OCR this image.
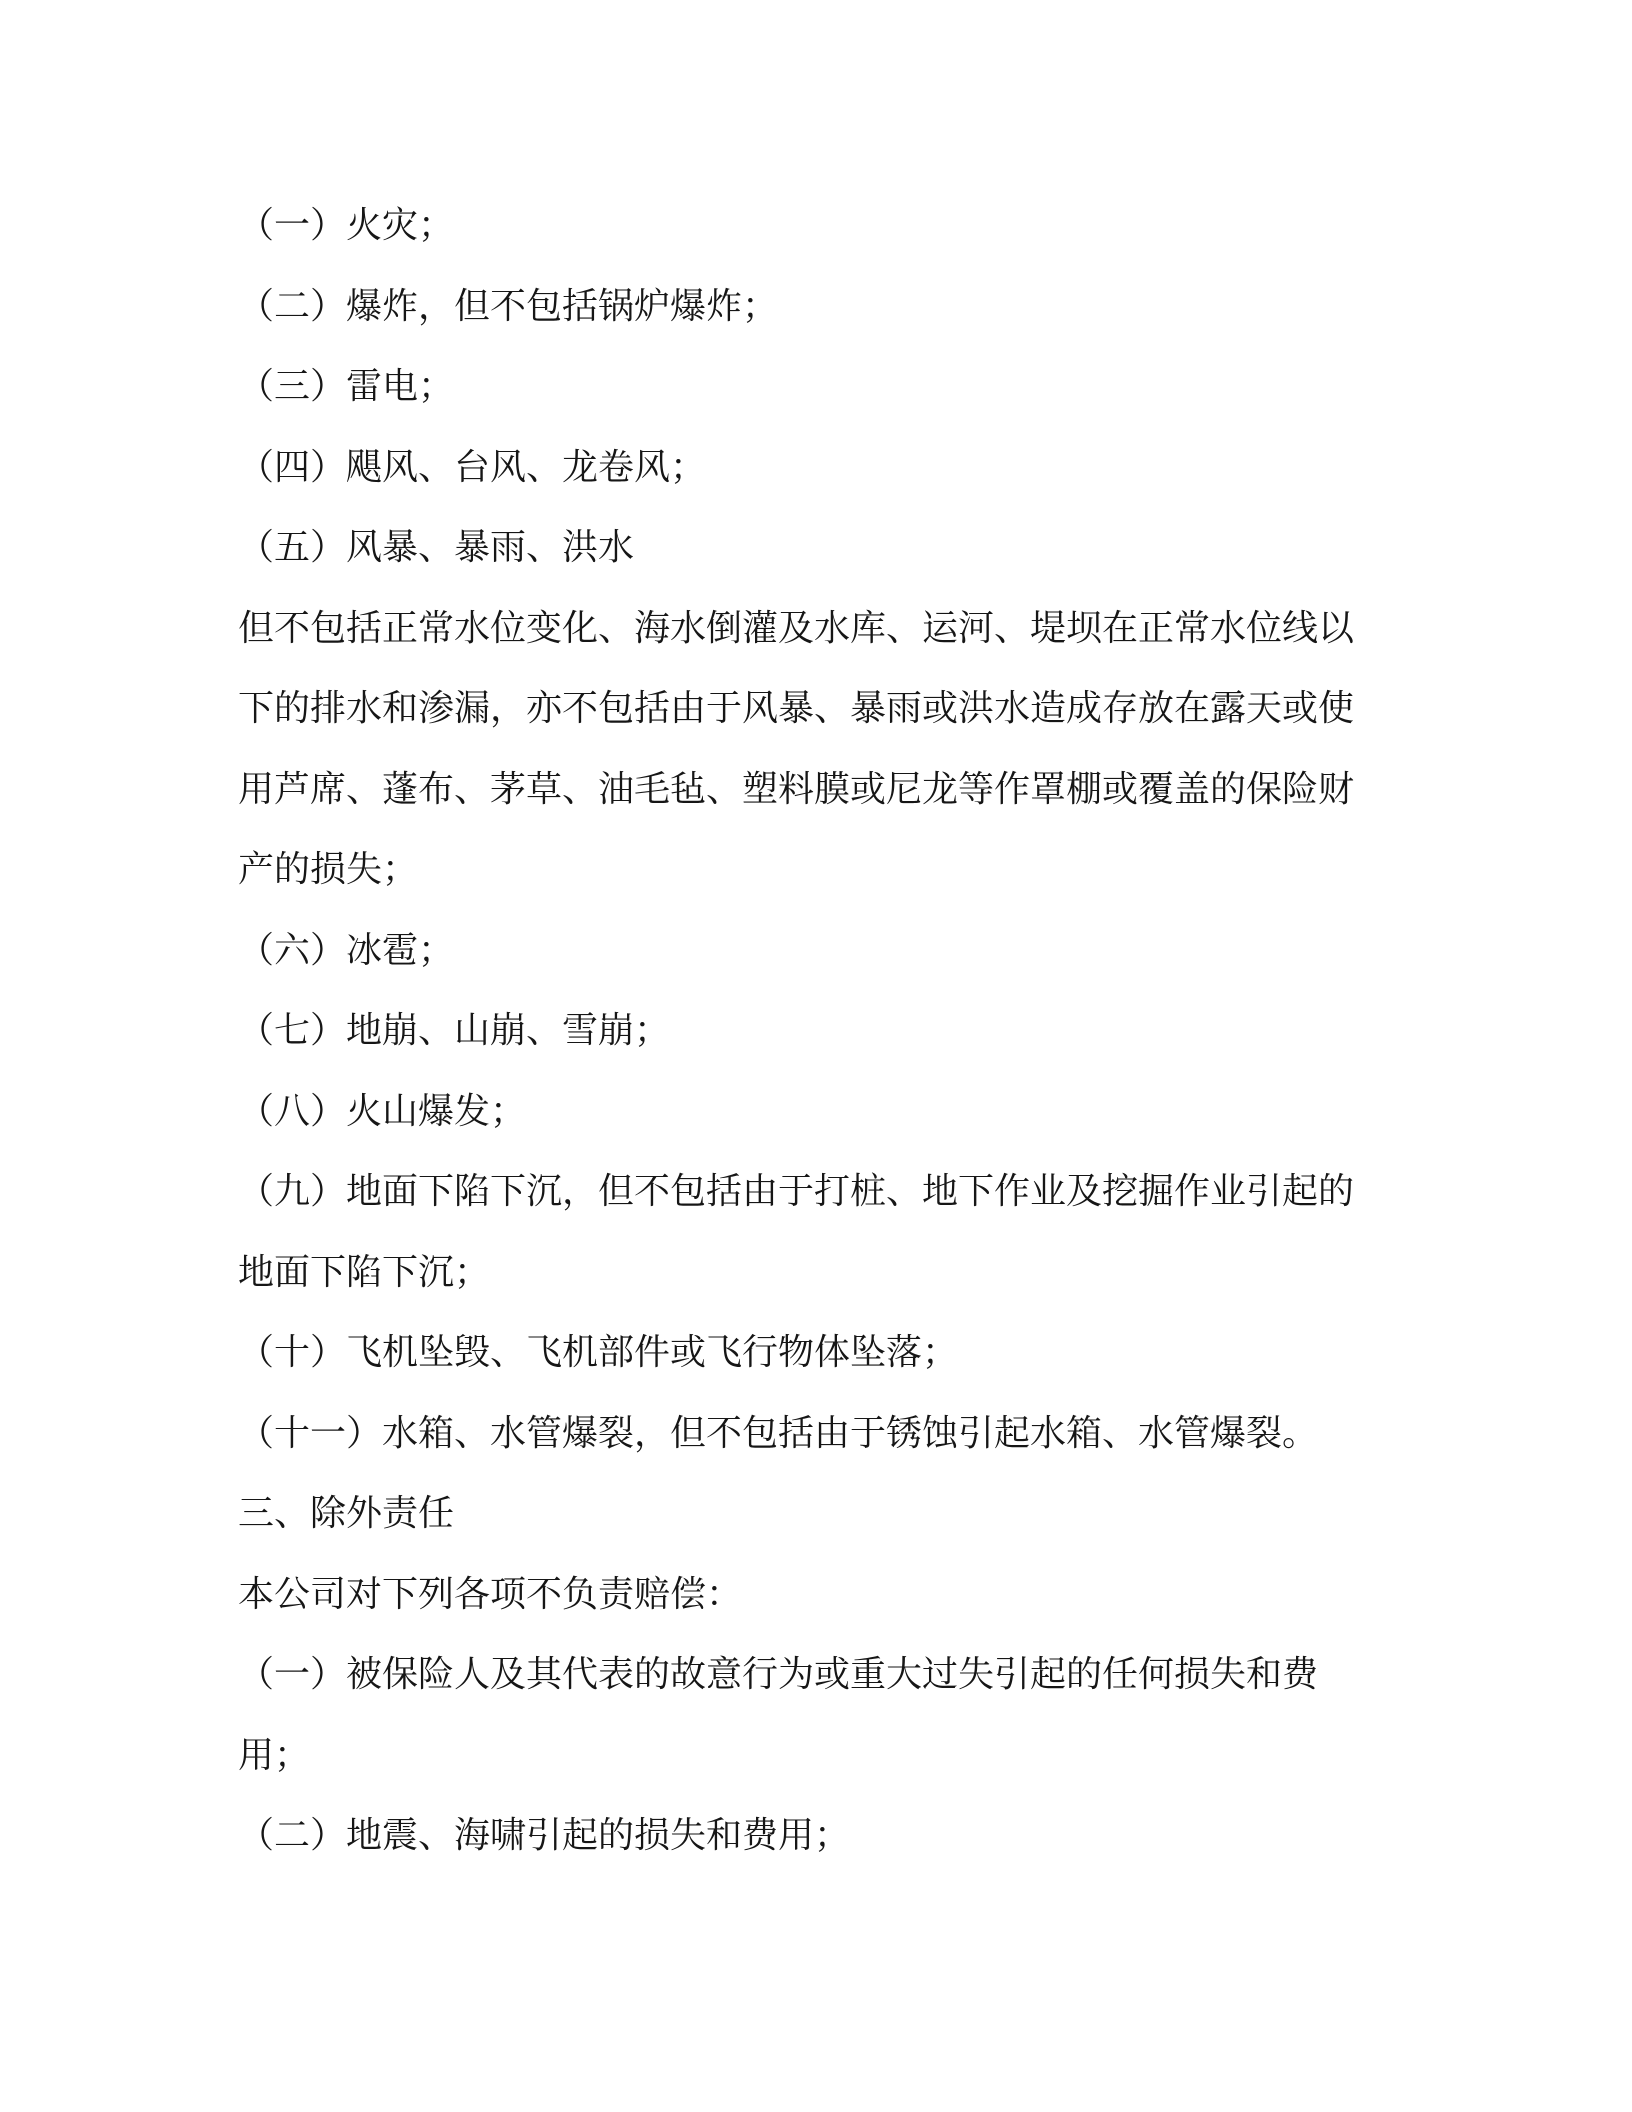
（一）火灾；
（二）爆炸，但不包括锅炉爆炸；
（三）雷电；
（四）飓风、台风、龙卷风；
（五）风暴、暴雨、洪水
但不包括正常水位变化、海水倒灌及水库、运河、堤坝在正常水位线以
下的排水和渗漏，亦不包括由于风暴、暴雨或洪水造成存放在露天或使
用芦席、蓬布、茅草、油毛毡、塑料膜或尼龙等作罩棚或覆盖的保险财
产的损失；
（六）冰雹；
（七）地崩、山崩、雪崩；
（八）火山爆发；
（九）地面下陷下沉，但不包括由于打桩、地下作业及挖掘作业引起的
地面下陷下沉；
（十）飞机坠毁、飞机部件或飞行物体坠落；
（十一）水箱、水管爆裂，但不包括由于锈蚀引起水箱、水管爆裂。
三、除外责任
本公司对下列各项不负责赔偿：
（一）被保险人及其代表的故意行为或重大过失引起的任何损失和费
用；
（二）地震、海啸引起的损失和费用；
